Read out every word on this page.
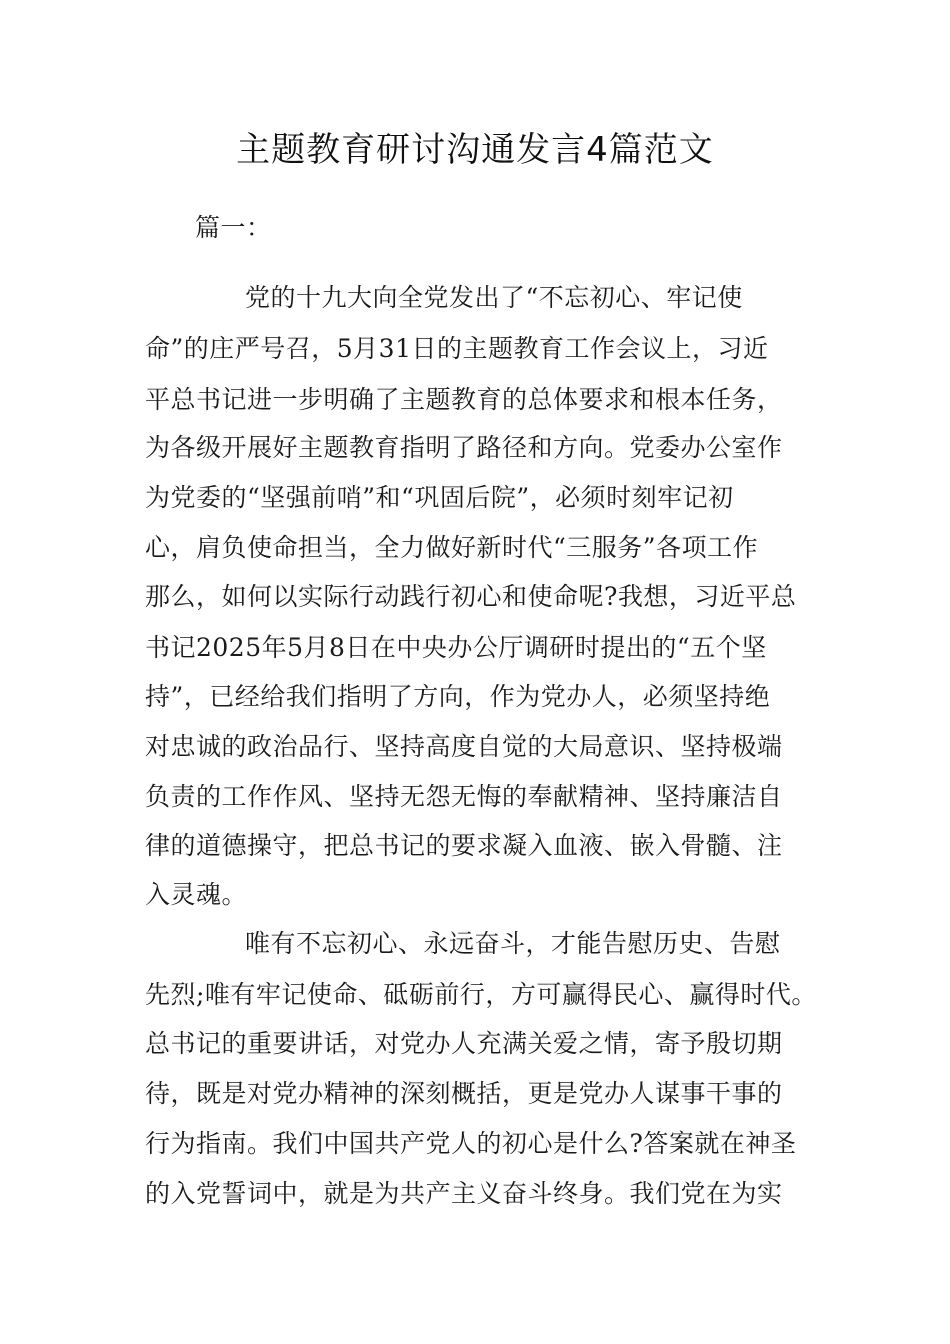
主题教育研讨沟通发言4篇范文
篇一：
党的十九大向全党发出了“不忘初心、牢记使
命”的庄严号召，5月31日的主题教育工作会议上，习近
平总书记进一步明确了主题教育的总体要求和根本任务，
为各级开展好主题教育指明了路径和方向。党委办公室作
为党委的“坚强前哨”和“巩固后院”，必须时刻牢记初
心，肩负使命担当，全力做好新时代“三服务”各项工作
那么，如何以实际行动践行初心和使命呢?我想，习近平总
书记2025年5月8日在中央办公厅调研时提出的“五个坚
持”，已经给我们指明了方向，作为党办人，必须坚持绝
对忠诚的政治品行、坚持高度自觉的大局意识、坚持极端
负责的工作作风、坚持无怨无悔的奉献精神、坚持廉洁自
律的道德操守，把总书记的要求凝入血液、嵌入骨髓、注
入灵魂。
唯有不忘初心、永远奋斗，才能告慰历史、告慰
先烈;唯有牢记使命、砥砺前行，方可赢得民心、赢得时代。
总书记的重要讲话，对党办人充满关爱之情，寄予殷切期
待，既是对党办精神的深刻概括，更是党办人谋事干事的
行为指南。我们中国共产党人的初心是什么?答案就在神圣
的入党誓词中，就是为共产主义奋斗终身。我们党在为实
